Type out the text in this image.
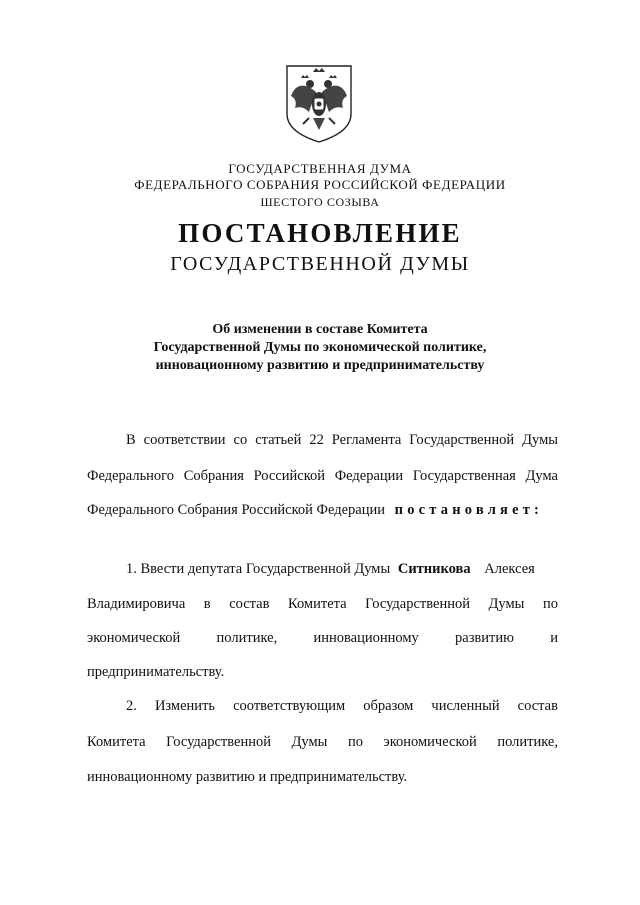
ГОСУДАРСТВЕННАЯ ДУМА
ФЕДЕРАЛЬНОГО СОБРАНИЯ РОССИЙСКОЙ ФЕДЕРАЦИИ
ШЕСТОГО СОЗЫВА
ПОСТАНОВЛЕНИЕ
ГОСУДАРСТВЕННОЙ ДУМЫ
Об изменении в составе Комитета
Государственной Думы по экономической политике,
инновационному развитию и предпринимательству
В соответствии со статьей 22 Регламента Государственной Думы
Федерального Собрания Российской Федерации Государственная Дума
Федерального Собрания Российской Федерации постановляет:
1. Ввести депутата Государственной Думы Ситникова Алексея
Владимировича в состав Комитета Государственной Думы по
экономической	политике,	инновационному	развитию	и
предпринимательству.
2. Изменить соответствующим образом численный состав
Комитета Государственной Думы по экономической политике,
инновационному развитию и предпринимательству.
